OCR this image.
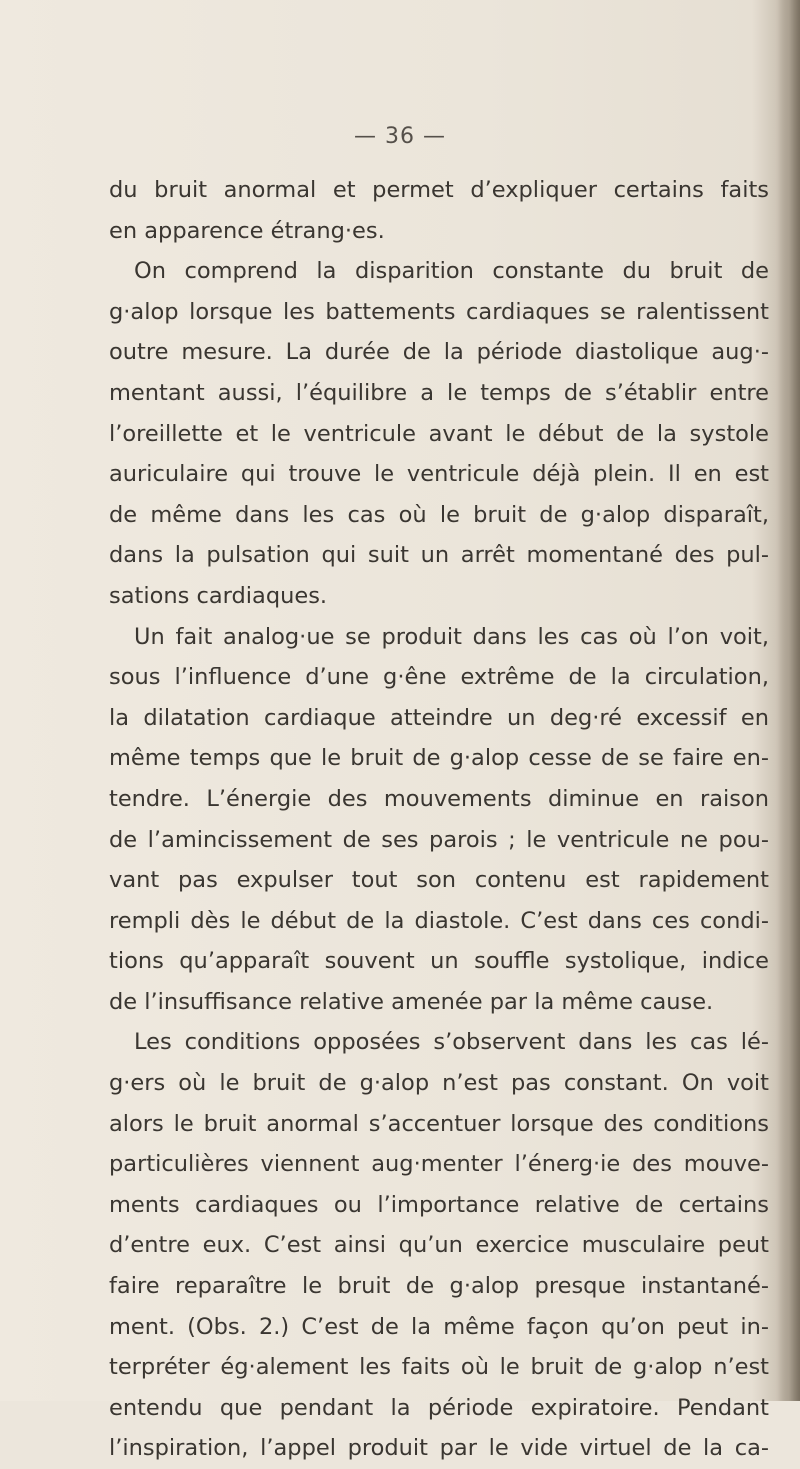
— 36 —
du bruit anormal et permet d’expliquer certains faits
en apparence étrang·es.
On comprend la disparition constante du bruit de
g·alop lorsque les battements cardiaques se ralentissent
outre mesure. La durée de la période diastolique aug·-
mentant aussi, l’équilibre a le temps de s’établir entre
l’oreillette et le ventricule avant le début de la systole
auriculaire qui trouve le ventricule déjà plein. Il en est
de même dans les cas où le bruit de g·alop disparaît,
dans la pulsation qui suit un arrêt momentané des pul-
sations cardiaques.
Un fait analog·ue se produit dans les cas où l’on voit,
sous l’influence d’une g·êne extrême de la circulation,
la dilatation cardiaque atteindre un deg·ré excessif en
même temps que le bruit de g·alop cesse de se faire en-
tendre. L’énergie des mouvements diminue en raison
de l’amincissement de ses parois ; le ventricule ne pou-
vant pas expulser tout son contenu est rapidement
rempli dès le début de la diastole. C’est dans ces condi-
tions qu’apparaît souvent un souffle systolique, indice
de l’insuffisance relative amenée par la même cause.
Les conditions opposées s’observent dans les cas lé-
g·ers où le bruit de g·alop n’est pas constant. On voit
alors le bruit anormal s’accentuer lorsque des conditions
particulières viennent aug·menter l’énerg·ie des mouve-
ments cardiaques ou l’importance relative de certains
d’entre eux. C’est ainsi qu’un exercice musculaire peut
faire reparaître le bruit de g·alop presque instantané-
ment. (Obs. 2.) C’est de la même façon qu’on peut in-
terpréter ég·alement les faits où le bruit de g·alop n’est
entendu que pendant la période expiratoire. Pendant
l’inspiration, l’appel produit par le vide virtuel de la ca-
